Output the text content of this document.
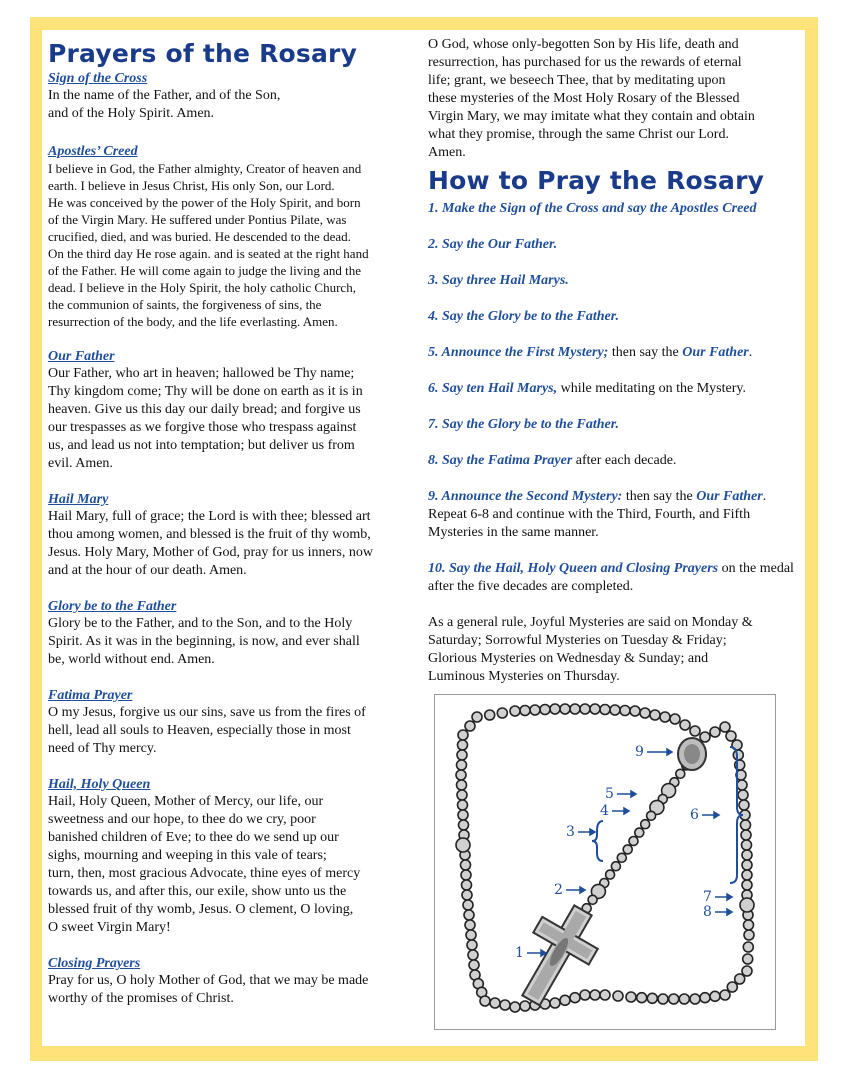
Prayers of the Rosary
Sign of the Cross
In the name of the Father, and of the Son,
and of the Holy Spirit. Amen.
Apostles’ Creed
I believe in God, the Father almighty, Creator of heaven and
earth. I believe in Jesus Christ, His only Son, our Lord.
He was conceived by the power of the Holy Spirit, and born
of the Virgin Mary. He suffered under Pontius Pilate, was
crucified, died, and was buried. He descended to the dead.
On the third day He rose again. and is seated at the right hand
of the Father. He will come again to judge the living and the
dead. I believe in the Holy Spirit, the holy catholic Church,
the communion of saints, the forgiveness of sins, the
resurrection of the body, and the life everlasting. Amen.
Our Father
Our Father, who art in heaven; hallowed be Thy name;
Thy kingdom come; Thy will be done on earth as it is in
heaven. Give us this day our daily bread; and forgive us
our trespasses as we forgive those who trespass against
us, and lead us not into temptation; but deliver us from
evil. Amen.
Hail Mary
Hail Mary, full of grace; the Lord is with thee; blessed art
thou among women, and blessed is the fruit of thy womb,
Jesus. Holy Mary, Mother of God, pray for us inners, now
and at the hour of our death. Amen.
Glory be to the Father
Glory be to the Father, and to the Son, and to the Holy
Spirit. As it was in the beginning, is now, and ever shall
be, world without end. Amen.
Fatima Prayer
O my Jesus, forgive us our sins, save us from the fires of
hell, lead all souls to Heaven, especially those in most
need of Thy mercy.
Hail, Holy Queen
Hail, Holy Queen, Mother of Mercy, our life, our
sweetness and our hope, to thee do we cry, poor
banished children of Eve; to thee do we send up our
sighs, mourning and weeping in this vale of tears;
turn, then, most gracious Advocate, thine eyes of mercy
towards us, and after this, our exile, show unto us the
blessed fruit of thy womb, Jesus. O clement, O loving,
O sweet Virgin Mary!
Closing Prayers
Pray for us, O holy Mother of God, that we may be made
worthy of the promises of Christ.
O God, whose only-begotten Son by His life, death and
resurrection, has purchased for us the rewards of eternal
life; grant, we beseech Thee, that by meditating upon
these mysteries of the Most Holy Rosary of the Blessed
Virgin Mary, we may imitate what they contain and obtain
what they promise, through the same Christ our Lord.
Amen.
How to Pray the Rosary
1. Make the Sign of the Cross and say the Apostles Creed
2. Say the Our Father.
3. Say three Hail Marys.
4. Say the Glory be to the Father.
5. Announce the First Mystery; then say the Our Father.
6. Say ten Hail Marys, while meditating on the Mystery.
7. Say the Glory be to the Father.
8. Say the Fatima Prayer after each decade.
9. Announce the Second Mystery: then say the Our Father. Repeat 6-8 and continue with the Third, Fourth, and Fifth Mysteries in the same manner.
10. Say the Hail, Holy Queen and Closing Prayers on the medal after the five decades are completed.
As a general rule, Joyful Mysteries are said on Monday &
Saturday; Sorrowful Mysteries on Tuesday & Friday;
Glorious Mysteries on Wednesday & Sunday; and
Luminous Mysteries on Thursday.
1
2
3
4
5
6
7
8
9
